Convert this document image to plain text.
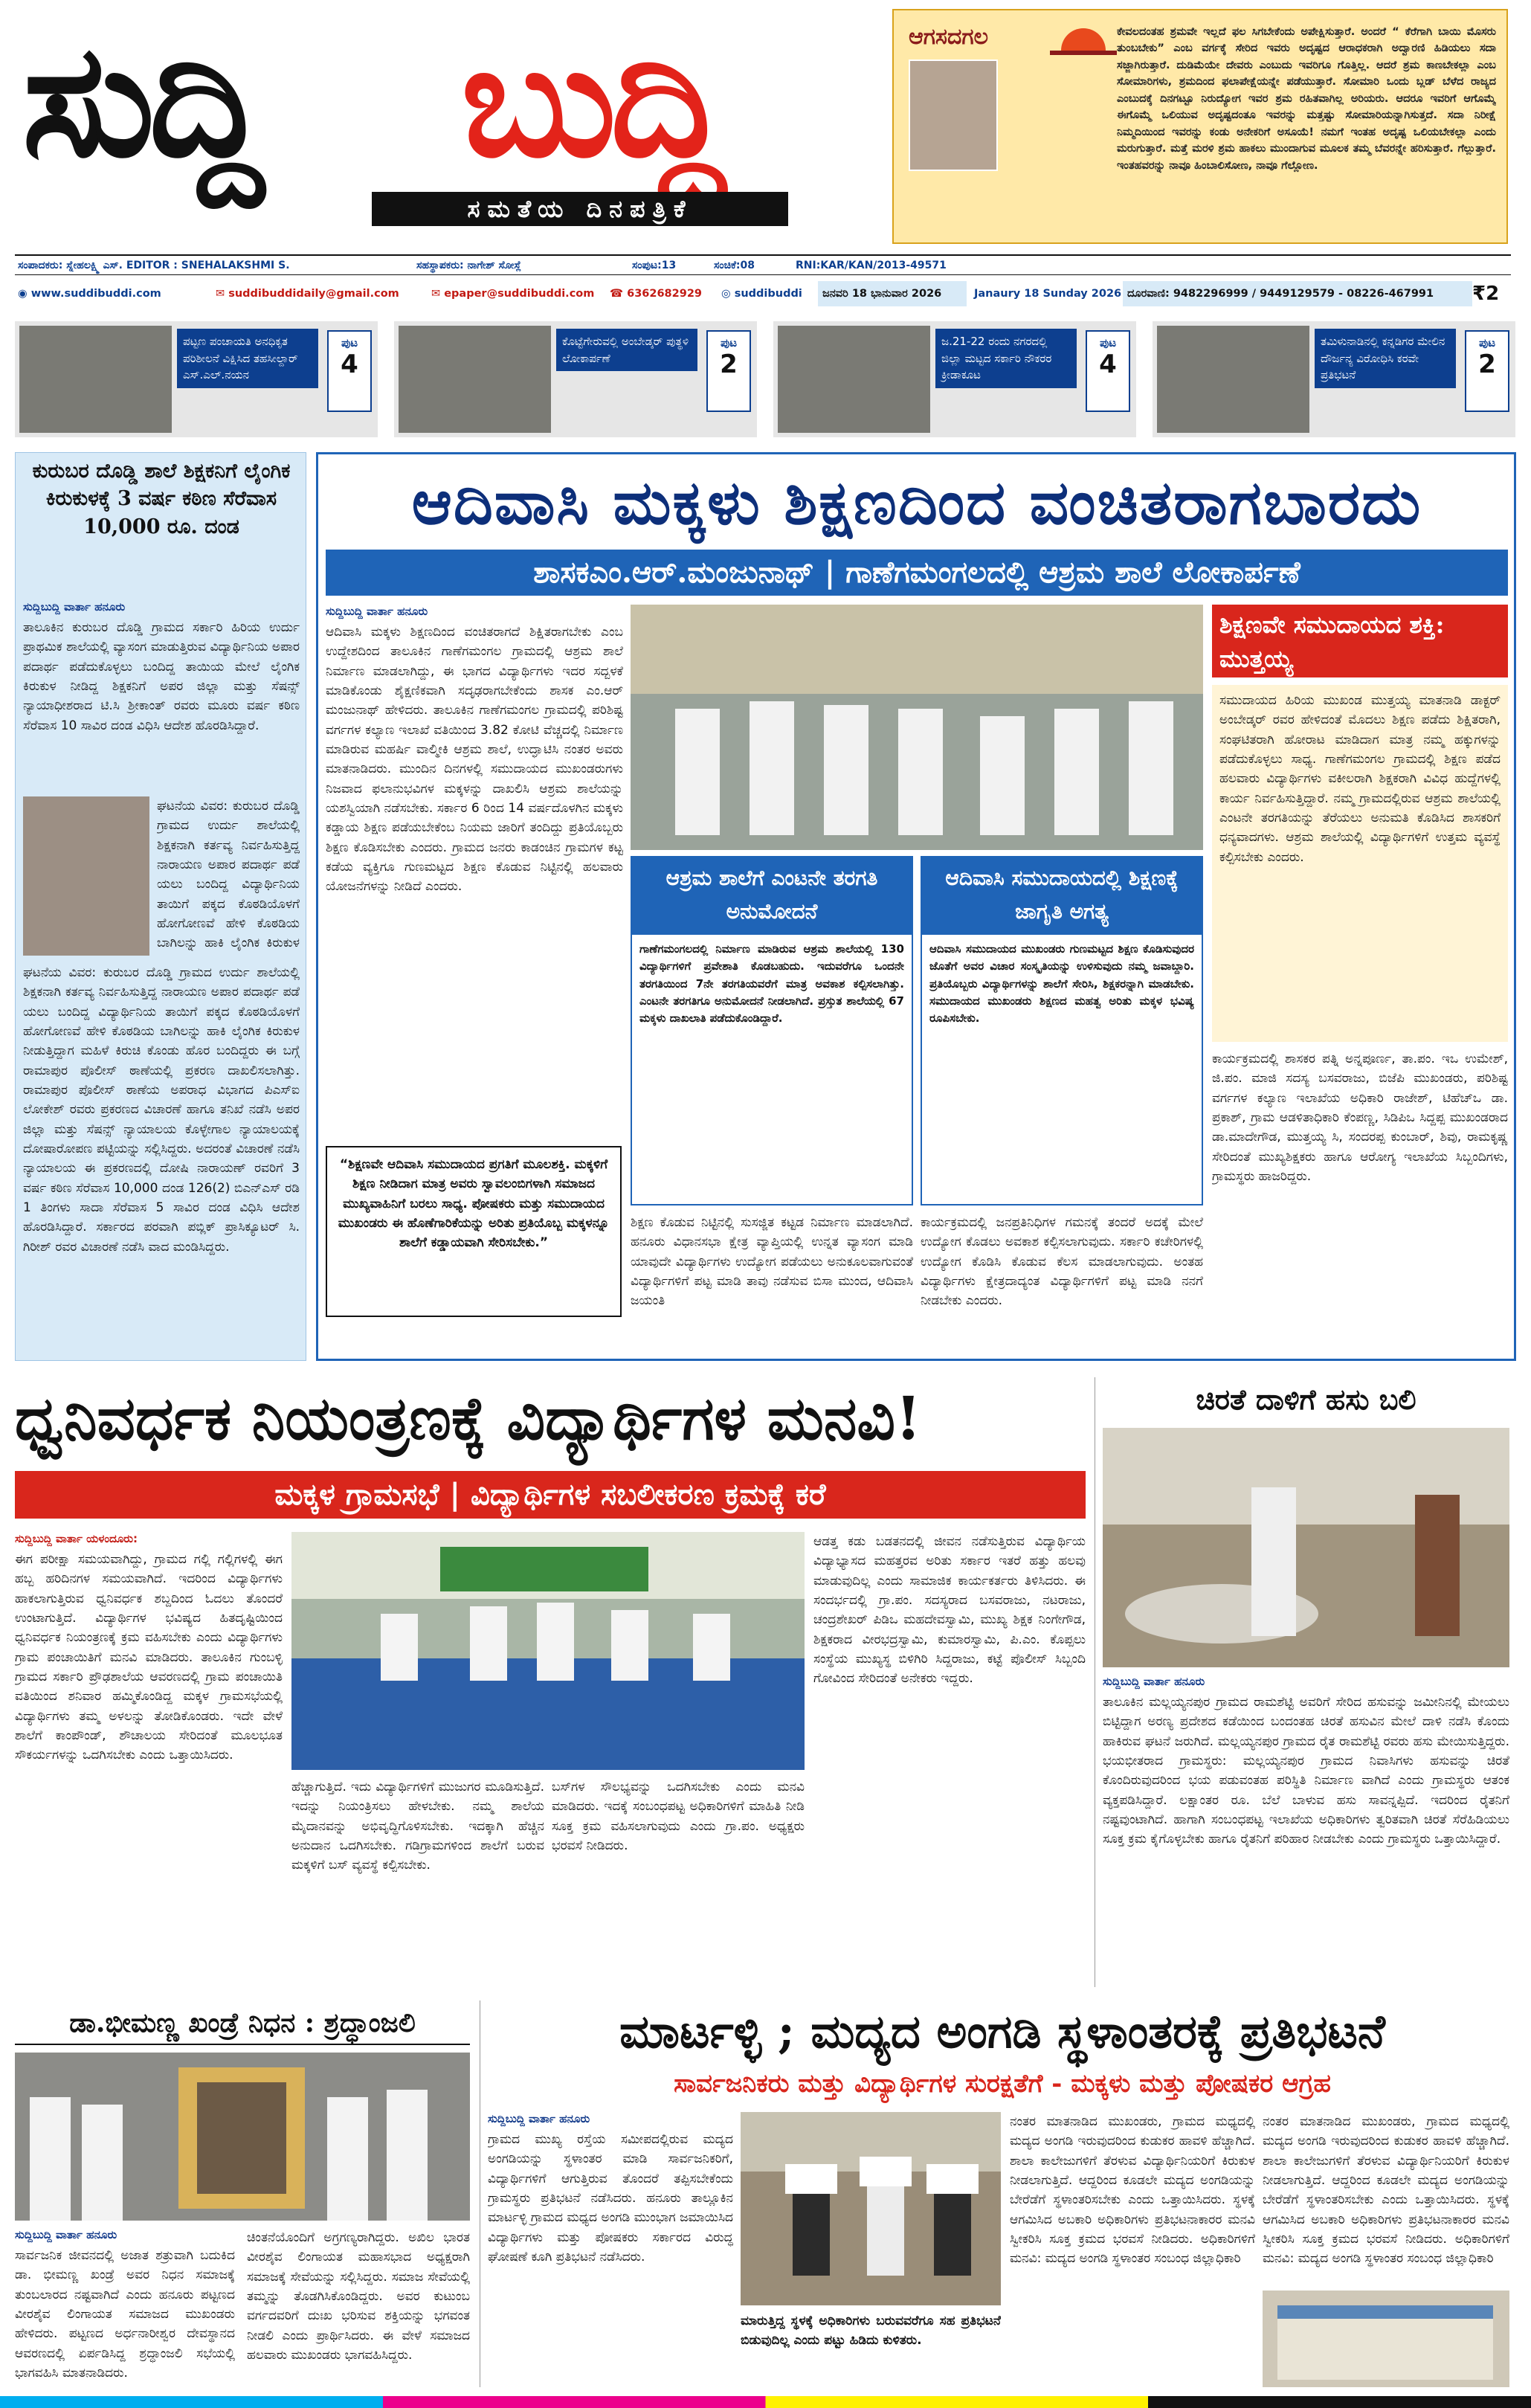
ಸುದ್ದಿ ಬುದ್ದಿ
ಸಮತೆಯ ದಿನಪತ್ರಿಕೆ
ಆಗಸದಗಲ	ಕೇವಲದಂತಹ ಶ್ರಮವೇ ಇಲ್ಲದೆ ಫಲ ಸಿಗಬೇಕೆಂದು ಅಪೇಕ್ಷಿಸುತ್ತಾರೆ. ಅಂದರೆ “ ಕೆರೆಗಾಗಿ ಬಾಯಿ ಮೊಸರು ತುಂಬಬೇಕು” ಎಂಬ ವರ್ಗಕ್ಕೆ ಸೇರಿದ ಇವರು ಅದೃಷ್ಟದ ಆರಾಧಕರಾಗಿ ಅದ್ವಾರಣಿ ಹಿಡಿಯಲು ಸದಾ ಸಜ್ಜಾಗಿರುತ್ತಾರೆ. ದುಡಿಮೆಯೇ ದೇವರು ಎಂಬುದು ಇವರಿಗೂ ಗೊತ್ತಿಲ್ಲ. ಆದರೆ ಶ್ರಮ ಕಾಣಬೇಕಲ್ಲಾ ಎಂಬ ಸೋಮಾರಿಗಳು, ಶ್ರಮದಿಂದ ಫಲಾಪೇಕ್ಷೆಯನ್ನೇ ಪಡೆಯುತ್ತಾರೆ. ಸೋಮಾರಿ ಒಂದು ಬ್ಲಡ್ ಬೆಳೆದ ರಾಜ್ಯದ ಎಂಬುದಕ್ಕೆ ದಿನಗಟ್ಟೂ ನಿರುದ್ಯೋಗ ಇವರ ಶ್ರಮ ರಹಿತವಾಗಿಲ್ಲ ಅರಿಯರು. ಆದರೂ ಇವರಿಗೆ ಆಗೊಮ್ಮೆ ಈಗೊಮ್ಮೆ ಒಲಿಯುವ ಅದೃಷ್ಟದಂತೂ ಇವರನ್ನು ಮತ್ತಷ್ಟು ಸೋಮಾರಿಯನ್ನಾಗಿಸುತ್ತದೆ. ಸದಾ ನಿರೀಕ್ಷೆ ನಿಮ್ಮದಿಯಿಂದ ಇವರನ್ನು ಕಂಡು ಅನೇಕರಿಗೆ ಅಸೂಯೆ! ನಮಗೆ ಇಂತಹ ಅದೃಷ್ಟ ಒಲಿಯಬೇಕಲ್ಲಾ ಎಂದು ಮರುಗುತ್ತಾರೆ. ಮತ್ತೆ ಮರಳಿ ಶ್ರಮ ಹಾಕಲು ಮುಂದಾಗುವ ಮೂಲಕ ತಮ್ಮ ಬೆವರನ್ನೇ ಹರಿಸುತ್ತಾರೆ. ಗೆಲ್ಲುತ್ತಾರೆ. ಇಂತಹವರನ್ನು ನಾವೂ ಹಿಂಬಾಲಿಸೋಣ, ನಾವೂ ಗೆಲ್ಲೋಣ.
ಸಂಪಾದಕರು: ಸ್ನೇಹಲಕ್ಷ್ಮಿ ಎಸ್. EDITOR : SNEHALAKSHMI S.	ಸಹಸ್ಥಾಪಕರು: ನಾಗೇಶ್ ಸೋಸ್ಲೆ	ಸಂಪುಟ:13	ಸಂಚಿಕೆ:08	RNI:KAR/KAN/2013-49571
◉ www.suddibuddi.com	✉ suddibuddidaily@gmail.com	✉ epaper@suddibuddi.com ☎ 6362682929 ◎ suddibuddi	ಜನವರಿ 18 ಭಾನುವಾರ 2026	Janaury 18 Sunday 2026 ದೂರವಾಣಿ: 9482296999 / 9449129579 - 08226-467991	₹2
ಪಟ್ಟಣ ಪಂಚಾಯತಿ ಅನಧಿಕೃತ ಪರಿಶೀಲನೆ ವಿಕ್ಷಿಸಿದ ತಹಸೀಲ್ದಾರ್ ಎಸ್.ಎಲ್.ನಯನ
ಪುಟ
4
ಕೊಟ್ಟೆಗೇರುವಲ್ಲಿ ಅಂಬೇಡ್ಕರ್ ಪುತ್ಥಳಿ ಲೋಕಾರ್ಪಣೆ
ಪುಟ
2
ಜ.21-22 ರಂದು ನಗರದಲ್ಲಿ ಜಿಲ್ಲಾ ಮಟ್ಟದ ಸರ್ಕಾರಿ ನೌಕರರ ಕ್ರೀಡಾಕೂಟ
ಪುಟ
4
ತಮಿಳುನಾಡಿನಲ್ಲಿ ಕನ್ನಡಿಗರ ಮೇಲಿನ ದೌರ್ಜನ್ಯ ವಿರೋಧಿಸಿ ಕರವೇ ಪ್ರತಿಭಟನೆ
ಪುಟ
2
ಕುರುಬರ ದೊಡ್ಡಿ ಶಾಲೆ ಶಿಕ್ಷಕನಿಗೆ ಲೈಂಗಿಕ ಕಿರುಕುಳಕ್ಕೆ 3 ವರ್ಷ ಕಠಿಣ ಸೆರೆವಾಸ 10,000 ರೂ. ದಂಡ
ಸುದ್ದಿಬುದ್ದಿ ವಾರ್ತಾ ಹನೂರು
ತಾಲೂಕಿನ ಕುರುಬರ ದೊಡ್ಡಿ ಗ್ರಾಮದ ಸರ್ಕಾರಿ ಹಿರಿಯ ಉರ್ದು ಪ್ರಾಥಮಿಕ ಶಾಲೆಯಲ್ಲಿ ವ್ಯಾಸಂಗ ಮಾಡುತ್ತಿರುವ ವಿದ್ಯಾರ್ಥಿನಿಯ ಅಪಾರ ಪದಾರ್ಥ ಪಡೆದುಕೊಳ್ಳಲು ಬಂದಿದ್ದ ತಾಯಿಯ ಮೇಲೆ ಲೈಂಗಿಕ ಕಿರುಕುಳ ನೀಡಿದ್ದ ಶಿಕ್ಷಕನಿಗೆ ಅಪರ ಜಿಲ್ಲಾ ಮತ್ತು ಸೆಷನ್ಸ್ ನ್ಯಾಯಾಧೀಶರಾದ ಟಿ.ಸಿ ಶ್ರೀಕಾಂತ್ ರವರು ಮೂರು ವರ್ಷ ಕಠಿಣ ಸೆರೆವಾಸ 10 ಸಾವಿರ ದಂಡ ವಿಧಿಸಿ ಆದೇಶ ಹೊರಡಿಸಿದ್ದಾರೆ.
ಘಟನೆಯ ವಿವರ: ಕುರುಬರ ದೊಡ್ಡಿ ಗ್ರಾಮದ ಉರ್ದು ಶಾಲೆಯಲ್ಲಿ ಶಿಕ್ಷಕನಾಗಿ ಕರ್ತವ್ಯ ನಿರ್ವಹಿಸುತ್ತಿದ್ದ ನಾರಾಯಣ ಅಪಾರ ಪದಾರ್ಥ ಪಡೆ ಯಲು ಬಂದಿದ್ದ ವಿದ್ಯಾರ್ಥಿನಿಯ ತಾಯಿಗೆ ಪಕ್ಕದ ಕೊಠಡಿಯೊಳಗೆ ಹೋಗೋಣವೆ ಹೇಳಿ ಕೊಠಡಿಯ ಬಾಗಿಲನ್ನು ಹಾಕಿ ಲೈಂಗಿಕ ಕಿರುಕುಳ
ಘಟನೆಯ ವಿವರ: ಕುರುಬರ ದೊಡ್ಡಿ ಗ್ರಾಮದ ಉರ್ದು ಶಾಲೆಯಲ್ಲಿ ಶಿಕ್ಷಕನಾಗಿ ಕರ್ತವ್ಯ ನಿರ್ವಹಿಸುತ್ತಿದ್ದ ನಾರಾಯಣ ಅಪಾರ ಪದಾರ್ಥ ಪಡೆ ಯಲು ಬಂದಿದ್ದ ವಿದ್ಯಾರ್ಥಿನಿಯ ತಾಯಿಗೆ ಪಕ್ಕದ ಕೊಠಡಿಯೊಳಗೆ ಹೋಗೋಣವೆ ಹೇಳಿ ಕೊಠಡಿಯ ಬಾಗಿಲನ್ನು ಹಾಕಿ ಲೈಂಗಿಕ ಕಿರುಕುಳ ನೀಡುತ್ತಿದ್ದಾಗ ಮಹಿಳೆ ಕಿರುಚಿ ಕೊಂಡು ಹೊರ ಬಂದಿದ್ದರು ಈ ಬಗ್ಗೆ ರಾಮಾಪುರ ಪೊಲೀಸ್ ಠಾಣೆಯಲ್ಲಿ ಪ್ರಕರಣ ದಾಖಲಿಸಲಾಗಿತ್ತು. ರಾಮಾಪುರ ಪೊಲೀಸ್ ಠಾಣೆಯ ಅಪರಾಧ ವಿಭಾಗದ ಪಿಎಸ್ಐ ಲೋಕೇಶ್ ರವರು ಪ್ರಕರಣದ ವಿಚಾರಣೆ ಹಾಗೂ ತನಿಖೆ ನಡೆಸಿ ಅಪರ ಜಿಲ್ಲಾ ಮತ್ತು ಸೆಷನ್ಸ್ ನ್ಯಾಯಾಲಯ ಕೊಳ್ಳೇಗಾಲ ನ್ಯಾಯಾಲಯಕ್ಕೆ ದೋಷಾರೋಪಣ ಪಟ್ಟಿಯನ್ನು ಸಲ್ಲಿಸಿದ್ದರು. ಅದರಂತೆ ವಿಚಾರಣೆ ನಡೆಸಿ ನ್ಯಾಯಾಲಯ ಈ ಪ್ರಕರಣದಲ್ಲಿ ದೋಷಿ ನಾರಾಯಣ್ ರವರಿಗೆ 3 ವರ್ಷ ಕಠಿಣ ಸೆರೆವಾಸ 10,000 ದಂಡ 126(2) ಬಿಎನ್ಎಸ್ ರಡಿ 1 ತಿಂಗಳು ಸಾದಾ ಸೆರೆವಾಸ 5 ಸಾವಿರ ದಂಡ ವಿಧಿಸಿ ಆದೇಶ ಹೊರಡಿಸಿದ್ದಾರೆ. ಸರ್ಕಾರದ ಪರವಾಗಿ ಪಬ್ಲಿಕ್ ಪ್ರಾಸಿಕ್ಯೂಟರ್ ಸಿ. ಗಿರೀಶ್ ರವರ ವಿಚಾರಣೆ ನಡೆಸಿ ವಾದ ಮಂಡಿಸಿದ್ದರು.
ಆದಿವಾಸಿ ಮಕ್ಕಳು ಶಿಕ್ಷಣದಿಂದ ವಂಚಿತರಾಗಬಾರದು
ಶಾಸಕಎಂ.ಆರ್.ಮಂಜುನಾಥ್ | ಗಾಣೆಗಮಂಗಲದಲ್ಲಿ ಆಶ್ರಮ ಶಾಲೆ ಲೋಕಾರ್ಪಣೆ
ಸುದ್ದಿಬುದ್ದಿ ವಾರ್ತಾ ಹನೂರು
ಆದಿವಾಸಿ ಮಕ್ಕಳು ಶಿಕ್ಷಣದಿಂದ ವಂಚಿತರಾಗದೆ ಶಿಕ್ಷಿತರಾಗಬೇಕು ಎಂಬ ಉದ್ದೇಶದಿಂದ ತಾಲೂಕಿನ ಗಾಣೆಗಮಂಗಲ ಗ್ರಾಮದಲ್ಲಿ ಆಶ್ರಮ ಶಾಲೆ ನಿರ್ಮಾಣ ಮಾಡಲಾಗಿದ್ದು, ಈ ಭಾಗದ ವಿದ್ಯಾರ್ಥಿಗಳು ಇದರ ಸದ್ಬಳಕೆ ಮಾಡಿಕೊಂಡು ಶೈಕ್ಷಣಿಕವಾಗಿ ಸದೃಢರಾಗಬೇಕೆಂದು ಶಾಸಕ ಎಂ.ಆರ್ ಮಂಜುನಾಥ್ ಹೇಳಿದರು. ತಾಲೂಕಿನ ಗಾಣೆಗಮಂಗಲ ಗ್ರಾಮದಲ್ಲಿ ಪರಿಶಿಷ್ಟ ವರ್ಗಗಳ ಕಲ್ಯಾಣ ಇಲಾಖೆ ವತಿಯಿಂದ 3.82 ಕೋಟಿ ವೆಚ್ಚದಲ್ಲಿ ನಿರ್ಮಾಣ ಮಾಡಿರುವ ಮಹರ್ಷಿ ವಾಲ್ಮೀಕಿ ಆಶ್ರಮ ಶಾಲೆ, ಉದ್ಘಾಟಿಸಿ ನಂತರ ಅವರು ಮಾತನಾಡಿದರು. ಮುಂದಿನ ದಿನಗಳಲ್ಲಿ ಸಮುದಾಯದ ಮುಖಂಡರುಗಳು ನಿಜವಾದ ಫಲಾನುಭವಿಗಳ ಮಕ್ಕಳನ್ನು ದಾಖಲಿಸಿ ಆಶ್ರಮ ಶಾಲೆಯನ್ನು ಯಶಸ್ವಿಯಾಗಿ ನಡೆಸಬೇಕು. ಸರ್ಕಾರ 6 ರಿಂದ 14 ವರ್ಷದೊಳಗಿನ ಮಕ್ಕಳು ಕಡ್ಡಾಯ ಶಿಕ್ಷಣ ಪಡೆಯಬೇಕೆಂಬ ನಿಯಮ ಜಾರಿಗೆ ತಂದಿದ್ದು ಪ್ರತಿಯೊಬ್ಬರು ಶಿಕ್ಷಣ ಕೊಡಿಸಬೇಕು ಎಂದರು. ಗ್ರಾಮದ ಜನರು ಕಾಡಂಚಿನ ಗ್ರಾಮಗಳ ಕಟ್ಟ ಕಡೆಯ ವ್ಯಕ್ತಿಗೂ ಗುಣಮಟ್ಟದ ಶಿಕ್ಷಣ ಕೊಡುವ ನಿಟ್ಟಿನಲ್ಲಿ ಹಲವಾರು ಯೋಜನೆಗಳನ್ನು ನೀಡಿದೆ ಎಂದರು.
“ಶಿಕ್ಷಣವೇ ಆದಿವಾಸಿ ಸಮುದಾಯದ ಪ್ರಗತಿಗೆ ಮೂಲಶಕ್ತಿ. ಮಕ್ಕಳಿಗೆ ಶಿಕ್ಷಣ ನೀಡಿದಾಗ ಮಾತ್ರ ಅವರು ಸ್ವಾವಲಂಬಿಗಳಾಗಿ ಸಮಾಜದ ಮುಖ್ಯವಾಹಿನಿಗೆ ಬರಲು ಸಾಧ್ಯ. ಪೋಷಕರು ಮತ್ತು ಸಮುದಾಯದ ಮುಖಂಡರು ಈ ಹೊಣೆಗಾರಿಕೆಯನ್ನು ಅರಿತು ಪ್ರತಿಯೊಬ್ಬ ಮಕ್ಕಳನ್ನೂ ಶಾಲೆಗೆ ಕಡ್ಡಾಯವಾಗಿ ಸೇರಿಸಬೇಕು.”
ಆಶ್ರಮ ಶಾಲೆಗೆ ಎಂಟನೇ ತರಗತಿ ಅನುಮೋದನೆ
ಗಾಣೆಗಮಂಗಲದಲ್ಲಿ ನಿರ್ಮಾಣ ಮಾಡಿರುವ ಆಶ್ರಮ ಶಾಲೆಯಲ್ಲಿ 130 ವಿದ್ಯಾರ್ಥಿಗಳಿಗೆ ಪ್ರವೇಶಾತಿ ಕೊಡಬಹುದು. ಇದುವರೆಗೂ ಒಂದನೇ ತರಗತಿಯಿಂದ 7ನೇ ತರಗತಿಯವರೆಗೆ ಮಾತ್ರ ಅವಕಾಶ ಕಲ್ಪಿಸಲಾಗಿತ್ತು. ಎಂಟನೇ ತರಗತಿಗೂ ಅನುಮೋದನೆ ನೀಡಲಾಗಿದೆ. ಪ್ರಸ್ತುತ ಶಾಲೆಯಲ್ಲಿ 67 ಮಕ್ಕಳು ದಾಖಲಾತಿ ಪಡೆದುಕೊಂಡಿದ್ದಾರೆ.
ಆದಿವಾಸಿ ಸಮುದಾಯದಲ್ಲಿ ಶಿಕ್ಷಣಕ್ಕೆ ಜಾಗೃತಿ ಅಗತ್ಯ
ಆದಿವಾಸಿ ಸಮುದಾಯದ ಮುಖಂಡರು ಗುಣಮಟ್ಟದ ಶಿಕ್ಷಣ ಕೊಡಿಸುವುದರ ಜೊತೆಗೆ ಅವರ ವಿಚಾರ ಸಂಸ್ಕೃತಿಯನ್ನು ಉಳಿಸುವುದು ನಮ್ಮ ಜವಾಬ್ದಾರಿ. ಪ್ರತಿಯೊಬ್ಬರು ವಿದ್ಯಾರ್ಥಿಗಳನ್ನು ಶಾಲೆಗೆ ಸೇರಿಸಿ, ಶಿಕ್ಷಕರನ್ನಾಗಿ ಮಾಡಬೇಕು. ಸಮುದಾಯದ ಮುಖಂಡರು ಶಿಕ್ಷಣದ ಮಹತ್ವ ಅರಿತು ಮಕ್ಕಳ ಭವಿಷ್ಯ ರೂಪಿಸಬೇಕು.
ಶಿಕ್ಷಣ ಕೊಡುವ ನಿಟ್ಟಿನಲ್ಲಿ ಸುಸಜ್ಜಿತ ಕಟ್ಟಡ ನಿರ್ಮಾಣ ಮಾಡಲಾಗಿದೆ. ಹನೂರು ವಿಧಾನಸಭಾ ಕ್ಷೇತ್ರ ವ್ಯಾಪ್ತಿಯಲ್ಲಿ ಉನ್ನತ ವ್ಯಾಸಂಗ ಮಾಡಿ ಯಾವುದೇ ವಿದ್ಯಾರ್ಥಿಗಳು ಉದ್ಯೋಗ ಪಡೆಯಲು ಅನುಕೂಲವಾಗುವಂತೆ ವಿದ್ಯಾರ್ಥಿಗಳಿಗೆ ಪಟ್ಟ ಮಾಡಿ ತಾವು ನಡೆಸುವ ಬಿಸಾ ಮುಂದ, ಆದಿವಾಸಿ ಜಯಂತಿ
ಕಾರ್ಯಕ್ರಮದಲ್ಲಿ ಜನಪ್ರತಿನಿಧಿಗಳ ಗಮನಕ್ಕೆ ತಂದರೆ ಅದಕ್ಕೆ ಮೇಲೆ ಉದ್ಯೋಗ ಕೊಡಲು ಅವಕಾಶ ಕಲ್ಪಿಸಲಾಗುವುದು. ಸರ್ಕಾರಿ ಕಚೇರಿಗಳಲ್ಲಿ ಉದ್ಯೋಗ ಕೊಡಿಸಿ ಕೊಡುವ ಕೆಲಸ ಮಾಡಲಾಗುವುದು. ಅಂತಹ ವಿದ್ಯಾರ್ಥಿಗಳು ಕ್ಷೇತ್ರದಾದ್ಯಂತ ವಿದ್ಯಾರ್ಥಿಗಳಿಗೆ ಪಟ್ಟ ಮಾಡಿ ನನಗೆ ನೀಡಬೇಕು ಎಂದರು.
ಶಿಕ್ಷಣವೇ ಸಮುದಾಯದ ಶಕ್ತಿ: ಮುತ್ತಯ್ಯ
ಸಮುದಾಯದ ಹಿರಿಯ ಮುಖಂಡ ಮುತ್ತಯ್ಯ ಮಾತನಾಡಿ ಡಾಕ್ಟರ್ ಅಂಬೇಡ್ಕರ್ ರವರ ಹೇಳಿದಂತೆ ಮೊದಲು ಶಿಕ್ಷಣ ಪಡೆದು ಶಿಕ್ಷಿತರಾಗಿ, ಸಂಘಟಿತರಾಗಿ ಹೋರಾಟ ಮಾಡಿದಾಗ ಮಾತ್ರ ನಮ್ಮ ಹಕ್ಕುಗಳನ್ನು ಪಡೆದುಕೊಳ್ಳಲು ಸಾಧ್ಯ. ಗಾಣೆಗಮಂಗಲ ಗ್ರಾಮದಲ್ಲಿ ಶಿಕ್ಷಣ ಪಡೆದ ಹಲವಾರು ವಿದ್ಯಾರ್ಥಿಗಳು ವಕೀಲರಾಗಿ ಶಿಕ್ಷಕರಾಗಿ ವಿವಿಧ ಹುದ್ದೆಗಳಲ್ಲಿ ಕಾರ್ಯ ನಿರ್ವಹಿಸುತ್ತಿದ್ದಾರೆ. ನಮ್ಮ ಗ್ರಾಮದಲ್ಲಿರುವ ಆಶ್ರಮ ಶಾಲೆಯಲ್ಲಿ ಎಂಟನೇ ತರಗತಿಯನ್ನು ತೆರೆಯಲು ಅನುಮತಿ ಕೊಡಿಸಿದ ಶಾಸಕರಿಗೆ ಧನ್ಯವಾದಗಳು. ಆಶ್ರಮ ಶಾಲೆಯಲ್ಲಿ ವಿದ್ಯಾರ್ಥಿಗಳಿಗೆ ಉತ್ತಮ ವ್ಯವಸ್ಥೆ ಕಲ್ಪಿಸಬೇಕು ಎಂದರು.
ಕಾರ್ಯಕ್ರಮದಲ್ಲಿ ಶಾಸಕರ ಪತ್ನಿ ಅನ್ನಪೂರ್ಣ, ತಾ.ಪಂ. ಇಒ ಉಮೇಶ್, ಜಿ.ಪಂ. ಮಾಜಿ ಸದಸ್ಯ ಬಸವರಾಜು, ಬಿಜೆಪಿ ಮುಖಂಡರು, ಪರಿಶಿಷ್ಟ ವರ್ಗಗಳ ಕಲ್ಯಾಣ ಇಲಾಖೆಯ ಅಧಿಕಾರಿ ರಾಜೇಶ್, ಟಿಹೆಚ್ಒ ಡಾ. ಪ್ರಕಾಶ್, ಗ್ರಾಮ ಆಡಳಿತಾಧಿಕಾರಿ ಕೆಂಪಣ್ಣ, ಸಿಡಿಪಿಒ ಸಿದ್ದಪ್ಪ ಮುಖಂಡರಾದ ಡಾ.ಮಾದೇಗೌಡ, ಮುತ್ತಯ್ಯ ಸಿ, ಸಂದರಪ್ಪ ಕುಂಬಾರ್, ಶಿವು, ರಾಮಕೃಷ್ಣ ಸೇರಿದಂತೆ ಮುಖ್ಯಶಿಕ್ಷಕರು ಹಾಗೂ ಆರೋಗ್ಯ ಇಲಾಖೆಯ ಸಿಬ್ಬಂದಿಗಳು, ಗ್ರಾಮಸ್ಥರು ಹಾಜರಿದ್ದರು.
ಧ್ವನಿವರ್ಧಕ ನಿಯಂತ್ರಣಕ್ಕೆ ವಿದ್ಯಾರ್ಥಿಗಳ ಮನವಿ!
ಮಕ್ಕಳ ಗ್ರಾಮಸಭೆ | ವಿದ್ಯಾರ್ಥಿಗಳ ಸಬಲೀಕರಣ ಕ್ರಮಕ್ಕೆ ಕರೆ
ಸುದ್ದಿಬುದ್ದಿ ವಾರ್ತಾ ಯಳಂದೂರು:
ಈಗ ಪರೀಕ್ಷಾ ಸಮಯವಾಗಿದ್ದು, ಗ್ರಾಮದ ಗಲ್ಲಿ ಗಲ್ಲಿಗಳಲ್ಲಿ ಈಗ ಹಬ್ಬ ಹರಿದಿನಗಳ ಸಮಯವಾಗಿದೆ. ಇದರಿಂದ ವಿದ್ಯಾರ್ಥಿಗಳು ಹಾಕಲಾಗುತ್ತಿರುವ ಧ್ವನಿವರ್ಧಕ ಶಬ್ದದಿಂದ ಓದಲು ತೊಂದರೆ ಉಂಟಾಗುತ್ತಿದೆ. ವಿದ್ಯಾರ್ಥಿಗಳ ಭವಿಷ್ಯದ ಹಿತದೃಷ್ಟಿಯಿಂದ ಧ್ವನಿವರ್ಧಕ ನಿಯಂತ್ರಣಕ್ಕೆ ಕ್ರಮ ವಹಿಸಬೇಕು ಎಂದು ವಿದ್ಯಾರ್ಥಿಗಳು ಗ್ರಾಮ ಪಂಚಾಯಿತಿಗೆ ಮನವಿ ಮಾಡಿದರು. ತಾಲೂಕಿನ ಗುಂಬಳ್ಳಿ ಗ್ರಾಮದ ಸರ್ಕಾರಿ ಪ್ರೌಢಶಾಲೆಯ ಆವರಣದಲ್ಲಿ ಗ್ರಾಮ ಪಂಚಾಯಿತಿ ವತಿಯಿಂದ ಶನಿವಾರ ಹಮ್ಮಿಕೊಂಡಿದ್ದ ಮಕ್ಕಳ ಗ್ರಾಮಸಭೆಯಲ್ಲಿ ವಿದ್ಯಾರ್ಥಿಗಳು ತಮ್ಮ ಅಳಲನ್ನು ತೋಡಿಕೊಂಡರು. ಇದೇ ವೇಳೆ ಶಾಲೆಗೆ ಕಾಂಪೌಂಡ್, ಶೌಚಾಲಯ ಸೇರಿದಂತೆ ಮೂಲಭೂತ ಸೌಕರ್ಯಗಳನ್ನು ಒದಗಿಸಬೇಕು ಎಂದು ಒತ್ತಾಯಿಸಿದರು.
ಹೆಚ್ಚಾಗುತ್ತಿದೆ. ಇದು ವಿದ್ಯಾರ್ಥಿಗಳಿಗೆ ಮುಜುಗರ ಮೂಡಿಸುತ್ತಿದೆ. ಇದನ್ನು ನಿಯಂತ್ರಿಸಲು ಹೇಳಬೇಕು. ನಮ್ಮ ಶಾಲೆಯ ಮೈದಾನವನ್ನು ಅಭಿವೃದ್ಧಿಗೊಳಿಸಬೇಕು. ಇದಕ್ಕಾಗಿ ಹೆಚ್ಚಿನ ಅನುದಾನ ಒದಗಿಸಬೇಕು. ಗಡಿಗ್ರಾಮಗಳಿಂದ ಶಾಲೆಗೆ ಬರುವ ಮಕ್ಕಳಿಗೆ ಬಸ್ ವ್ಯವಸ್ಥೆ ಕಲ್ಪಿಸಬೇಕು.
ಬಸ್‌ಗಳ ಸೌಲಭ್ಯವನ್ನು ಒದಗಿಸಬೇಕು ಎಂದು ಮನವಿ ಮಾಡಿದರು. ಇದಕ್ಕೆ ಸಂಬಂಧಪಟ್ಟ ಅಧಿಕಾರಿಗಳಿಗೆ ಮಾಹಿತಿ ನೀಡಿ ಸೂಕ್ತ ಕ್ರಮ ವಹಿಸಲಾಗುವುದು ಎಂದು ಗ್ರಾ.ಪಂ. ಅಧ್ಯಕ್ಷರು ಭರವಸೆ ನೀಡಿದರು.
ಆಡತ್ತ ಕಡು ಬಡತನದಲ್ಲಿ ಜೀವನ ನಡೆಸುತ್ತಿರುವ ವಿದ್ಯಾರ್ಥಿಯ ವಿದ್ಯಾಭ್ಯಾಸದ ಮಹತ್ತರವ ಅರಿತು ಸರ್ಕಾರ ಇತರೆ ಹತ್ತು ಹಲವು ಮಾಡುವುದಿಲ್ಲ ಎಂದು ಸಾಮಾಜಿಕ ಕಾರ್ಯಕರ್ತರು ತಿಳಿಸಿದರು. ಈ ಸಂದರ್ಭದಲ್ಲಿ ಗ್ರಾ.ಪಂ. ಸದಸ್ಯರಾದ ಬಸವರಾಜು, ನಟರಾಜು, ಚಂದ್ರಶೇಖರ್ ಪಿಡಿಒ ಮಹದೇವಸ್ವಾಮಿ, ಮುಖ್ಯ ಶಿಕ್ಷಕ ನಿಂಗೇಗೌಡ, ಶಿಕ್ಷಕರಾದ ವೀರಭದ್ರಸ್ವಾಮಿ, ಕುಮಾರಸ್ವಾಮಿ, ಪಿ.ಎಂ. ಕೊಪ್ಪಲು ಸಂಸ್ಥೆಯ ಮುಖ್ಯಸ್ಥ ಬಿಳಿಗಿರಿ ಸಿದ್ದರಾಜು, ಕಟ್ಟೆ ಪೊಲೀಸ್ ಸಿಬ್ಬಂದಿ ಗೋವಿಂದ ಸೇರಿದಂತೆ ಅನೇಕರು ಇದ್ದರು.
ಚಿರತೆ ದಾಳಿಗೆ ಹಸು ಬಲಿ
ಸುದ್ದಿಬುದ್ದಿ ವಾರ್ತಾ ಹನೂರು
ತಾಲೂಕಿನ ಮಲ್ಲಯ್ಯನಪುರ ಗ್ರಾಮದ ರಾಮಶೆಟ್ಟಿ ಅವರಿಗೆ ಸೇರಿದ ಹಸುವನ್ನು ಜಮೀನಿನಲ್ಲಿ ಮೇಯಲು ಬಿಟ್ಟಿದ್ದಾಗ ಅರಣ್ಯ ಪ್ರದೇಶದ ಕಡೆಯಿಂದ ಬಂದಂತಹ ಚಿರತೆ ಹಸುವಿನ ಮೇಲೆ ದಾಳಿ ನಡೆಸಿ ಕೊಂದು ಹಾಕಿರುವ ಘಟನೆ ಜರುಗಿದೆ. ಮಲ್ಲಯ್ಯನಪುರ ಗ್ರಾಮದ ರೈತ ರಾಮಶೆಟ್ಟಿ ರವರು ಹಸು ಮೇಯಿಸುತ್ತಿದ್ದರು. ಭಯಭೀತರಾದ ಗ್ರಾಮಸ್ಥರು: ಮಲ್ಲಯ್ಯನಪುರ ಗ್ರಾಮದ ನಿವಾಸಿಗಳು ಹಸುವನ್ನು ಚಿರತೆ ಕೊಂದಿರುವುದರಿಂದ ಭಯ ಪಡುವಂತಹ ಪರಿಸ್ಥಿತಿ ನಿರ್ಮಾಣ ವಾಗಿದೆ ಎಂದು ಗ್ರಾಮಸ್ಥರು ಆತಂಕ ವ್ಯಕ್ತಪಡಿಸಿದ್ದಾರೆ. ಲಕ್ಷಾಂತರ ರೂ. ಬೆಲೆ ಬಾಳುವ ಹಸು ಸಾವನ್ನಪ್ಪಿದೆ. ಇದರಿಂದ ರೈತನಿಗೆ ನಷ್ಟವುಂಟಾಗಿದೆ. ಹಾಗಾಗಿ ಸಂಬಂಧಪಟ್ಟ ಇಲಾಖೆಯ ಅಧಿಕಾರಿಗಳು ತ್ವರಿತವಾಗಿ ಚಿರತೆ ಸೆರೆಹಿಡಿಯಲು ಸೂಕ್ತ ಕ್ರಮ ಕೈಗೊಳ್ಳಬೇಕು ಹಾಗೂ ರೈತನಿಗೆ ಪರಿಹಾರ ನೀಡಬೇಕು ಎಂದು ಗ್ರಾಮಸ್ಥರು ಒತ್ತಾಯಿಸಿದ್ದಾರೆ.
ಡಾ.ಭೀಮಣ್ಣ ಖಂಡ್ರೆ ನಿಧನ : ಶ್ರದ್ಧಾಂಜಲಿ
ಸುದ್ದಿಬುದ್ದಿ ವಾರ್ತಾ ಹನೂರು
ಸಾರ್ವಜನಿಕ ಜೀವನದಲ್ಲಿ ಅಜಾತ ಶತ್ರುವಾಗಿ ಬದುಕಿದ ಡಾ. ಭೀಮಣ್ಣ ಖಂಡ್ರೆ ಅವರ ನಿಧನ ಸಮಾಜಕ್ಕೆ ತುಂಬಲಾರದ ನಷ್ಟವಾಗಿದೆ ಎಂದು ಹನೂರು ಪಟ್ಟಣದ ವೀರಶೈವ ಲಿಂಗಾಯತ ಸಮಾಜದ ಮುಖಂಡರು ಹೇಳಿದರು. ಪಟ್ಟಣದ ಅರ್ಧನಾರೀಶ್ವರ ದೇವಸ್ಥಾನದ ಆವರಣದಲ್ಲಿ ಏರ್ಪಡಿಸಿದ್ದ ಶ್ರದ್ಧಾಂಜಲಿ ಸಭೆಯಲ್ಲಿ ಭಾಗವಹಿಸಿ ಮಾತನಾಡಿದರು.
ಚಿಂತನೆಯೊಂದಿಗೆ ಅಗ್ರಗಣ್ಯರಾಗಿದ್ದರು. ಅಖಿಲ ಭಾರತ ವೀರಶೈವ ಲಿಂಗಾಯತ ಮಹಾಸಭಾದ ಅಧ್ಯಕ್ಷರಾಗಿ ಸಮಾಜಕ್ಕೆ ಸೇವೆಯನ್ನು ಸಲ್ಲಿಸಿದ್ದರು. ಸಮಾಜ ಸೇವೆಯಲ್ಲಿ ತಮ್ಮನ್ನು ತೊಡಗಿಸಿಕೊಂಡಿದ್ದರು. ಅವರ ಕುಟುಂಬ ವರ್ಗದವರಿಗೆ ದುಃಖ ಭರಿಸುವ ಶಕ್ತಿಯನ್ನು ಭಗವಂತ ನೀಡಲಿ ಎಂದು ಪ್ರಾರ್ಥಿಸಿದರು. ಈ ವೇಳೆ ಸಮಾಜದ ಹಲವಾರು ಮುಖಂಡರು ಭಾಗವಹಿಸಿದ್ದರು.
ಮಾರ್ಟಳ್ಳಿ ; ಮದ್ಯದ ಅಂಗಡಿ ಸ್ಥಳಾಂತರಕ್ಕೆ ಪ್ರತಿಭಟನೆ
ಸಾರ್ವಜನಿಕರು ಮತ್ತು ವಿದ್ಯಾರ್ಥಿಗಳ ಸುರಕ್ಷತೆಗೆ - ಮಕ್ಕಳು ಮತ್ತು ಪೋಷಕರ ಆಗ್ರಹ
ಸುದ್ದಿಬುದ್ದಿ ವಾರ್ತಾ ಹನೂರು
ಗ್ರಾಮದ ಮುಖ್ಯ ರಸ್ತೆಯ ಸಮೀಪದಲ್ಲಿರುವ ಮದ್ಯದ ಅಂಗಡಿಯನ್ನು ಸ್ಥಳಾಂತರ ಮಾಡಿ ಸಾರ್ವಜನಿಕರಿಗೆ, ವಿದ್ಯಾರ್ಥಿಗಳಿಗೆ ಆಗುತ್ತಿರುವ ತೊಂದರೆ ತಪ್ಪಿಸಬೇಕೆಂದು ಗ್ರಾಮಸ್ಥರು ಪ್ರತಿಭಟನೆ ನಡೆಸಿದರು. ಹನೂರು ತಾಲ್ಲೂಕಿನ ಮಾರ್ಟಳ್ಳಿ ಗ್ರಾಮದ ಮಧ್ಯದ ಅಂಗಡಿ ಮುಂಭಾಗ ಜಮಾಯಿಸಿದ ವಿದ್ಯಾರ್ಥಿಗಳು ಮತ್ತು ಪೋಷಕರು ಸರ್ಕಾರದ ವಿರುದ್ಧ ಘೋಷಣೆ ಕೂಗಿ ಪ್ರತಿಭಟನೆ ನಡೆಸಿದರು.
ಮಾರುತ್ತಿದ್ದ ಸ್ಥಳಕ್ಕೆ ಅಧಿಕಾರಿಗಳು ಬರುವವರೆಗೂ ಸಹ ಪ್ರತಿಭಟನೆ ಬಿಡುವುದಿಲ್ಲ ಎಂದು ಪಟ್ಟು ಹಿಡಿದು ಕುಳಿತರು.
ನಂತರ ಮಾತನಾಡಿದ ಮುಖಂಡರು, ಗ್ರಾಮದ ಮಧ್ಯದಲ್ಲಿ ಮದ್ಯದ ಅಂಗಡಿ ಇರುವುದರಿಂದ ಕುಡುಕರ ಹಾವಳಿ ಹೆಚ್ಚಾಗಿದೆ. ಶಾಲಾ ಕಾಲೇಜುಗಳಿಗೆ ತೆರಳುವ ವಿದ್ಯಾರ್ಥಿನಿಯರಿಗೆ ಕಿರುಕುಳ ನೀಡಲಾಗುತ್ತಿದೆ. ಆದ್ದರಿಂದ ಕೂಡಲೇ ಮದ್ಯದ ಅಂಗಡಿಯನ್ನು ಬೇರೆಡೆಗೆ ಸ್ಥಳಾಂತರಿಸಬೇಕು ಎಂದು ಒತ್ತಾಯಿಸಿದರು. ಸ್ಥಳಕ್ಕೆ ಆಗಮಿಸಿದ ಅಬಕಾರಿ ಅಧಿಕಾರಿಗಳು ಪ್ರತಿಭಟನಾಕಾರರ ಮನವಿ ಸ್ವೀಕರಿಸಿ ಸೂಕ್ತ ಕ್ರಮದ ಭರವಸೆ ನೀಡಿದರು. ಅಧಿಕಾರಿಗಳಿಗೆ ಮನವಿ: ಮದ್ಯದ ಅಂಗಡಿ ಸ್ಥಳಾಂತರ ಸಂಬಂಧ ಜಿಲ್ಲಾಧಿಕಾರಿ
ನಂತರ ಮಾತನಾಡಿದ ಮುಖಂಡರು, ಗ್ರಾಮದ ಮಧ್ಯದಲ್ಲಿ ಮದ್ಯದ ಅಂಗಡಿ ಇರುವುದರಿಂದ ಕುಡುಕರ ಹಾವಳಿ ಹೆಚ್ಚಾಗಿದೆ. ಶಾಲಾ ಕಾಲೇಜುಗಳಿಗೆ ತೆರಳುವ ವಿದ್ಯಾರ್ಥಿನಿಯರಿಗೆ ಕಿರುಕುಳ ನೀಡಲಾಗುತ್ತಿದೆ. ಆದ್ದರಿಂದ ಕೂಡಲೇ ಮದ್ಯದ ಅಂಗಡಿಯನ್ನು ಬೇರೆಡೆಗೆ ಸ್ಥಳಾಂತರಿಸಬೇಕು ಎಂದು ಒತ್ತಾಯಿಸಿದರು. ಸ್ಥಳಕ್ಕೆ ಆಗಮಿಸಿದ ಅಬಕಾರಿ ಅಧಿಕಾರಿಗಳು ಪ್ರತಿಭಟನಾಕಾರರ ಮನವಿ ಸ್ವೀಕರಿಸಿ ಸೂಕ್ತ ಕ್ರಮದ ಭರವಸೆ ನೀಡಿದರು. ಅಧಿಕಾರಿಗಳಿಗೆ ಮನವಿ: ಮದ್ಯದ ಅಂಗಡಿ ಸ್ಥಳಾಂತರ ಸಂಬಂಧ ಜಿಲ್ಲಾಧಿಕಾರಿ
